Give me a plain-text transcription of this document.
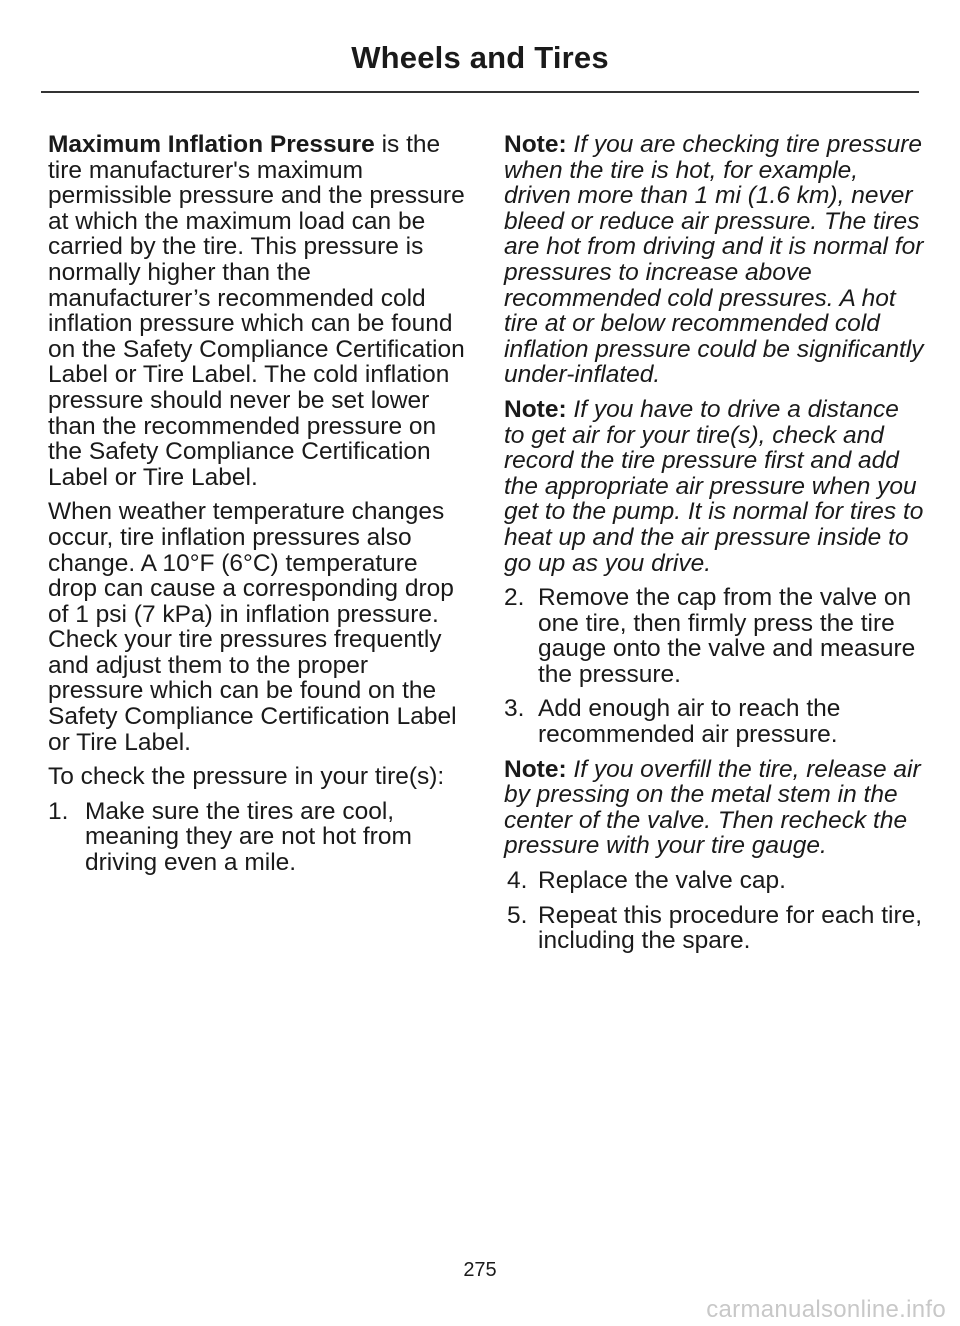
Wheels and Tires

Maximum Inflation Pressure is the tire manufacturer's maximum permissible pressure and the pressure at which the maximum load can be carried by the tire. This pressure is normally higher than the manufacturer’s recommended cold inflation pressure which can be found on the Safety Compliance Certification Label or Tire Label. The cold inflation pressure should never be set lower than the recommended pressure on the Safety Compliance Certification Label or Tire Label.

When weather temperature changes occur, tire inflation pressures also change. A 10°F (6°C) temperature drop can cause a corresponding drop of 1 psi (7 kPa) in inflation pressure. Check your tire pressures frequently and adjust them to the proper pressure which can be found on the Safety Compliance Certification Label or Tire Label.

To check the pressure in your tire(s):

1. Make sure the tires are cool, meaning they are not hot from driving even a mile.

Note: If you are checking tire pressure when the tire is hot, for example, driven more than 1 mi (1.6 km), never bleed or reduce air pressure. The tires are hot from driving and it is normal for pressures to increase above recommended cold pressures. A hot tire at or below recommended cold inflation pressure could be significantly under-inflated.

Note: If you have to drive a distance to get air for your tire(s), check and record the tire pressure first and add the appropriate air pressure when you get to the pump. It is normal for tires to heat up and the air pressure inside to go up as you drive.

2. Remove the cap from the valve on one tire, then firmly press the tire gauge onto the valve and measure the pressure.
3. Add enough air to reach the recommended air pressure.

Note: If you overfill the tire, release air by pressing on the metal stem in the center of the valve. Then recheck the pressure with your tire gauge.

4. Replace the valve cap.
5. Repeat this procedure for each tire, including the spare.
275
carmanualsonline.info
